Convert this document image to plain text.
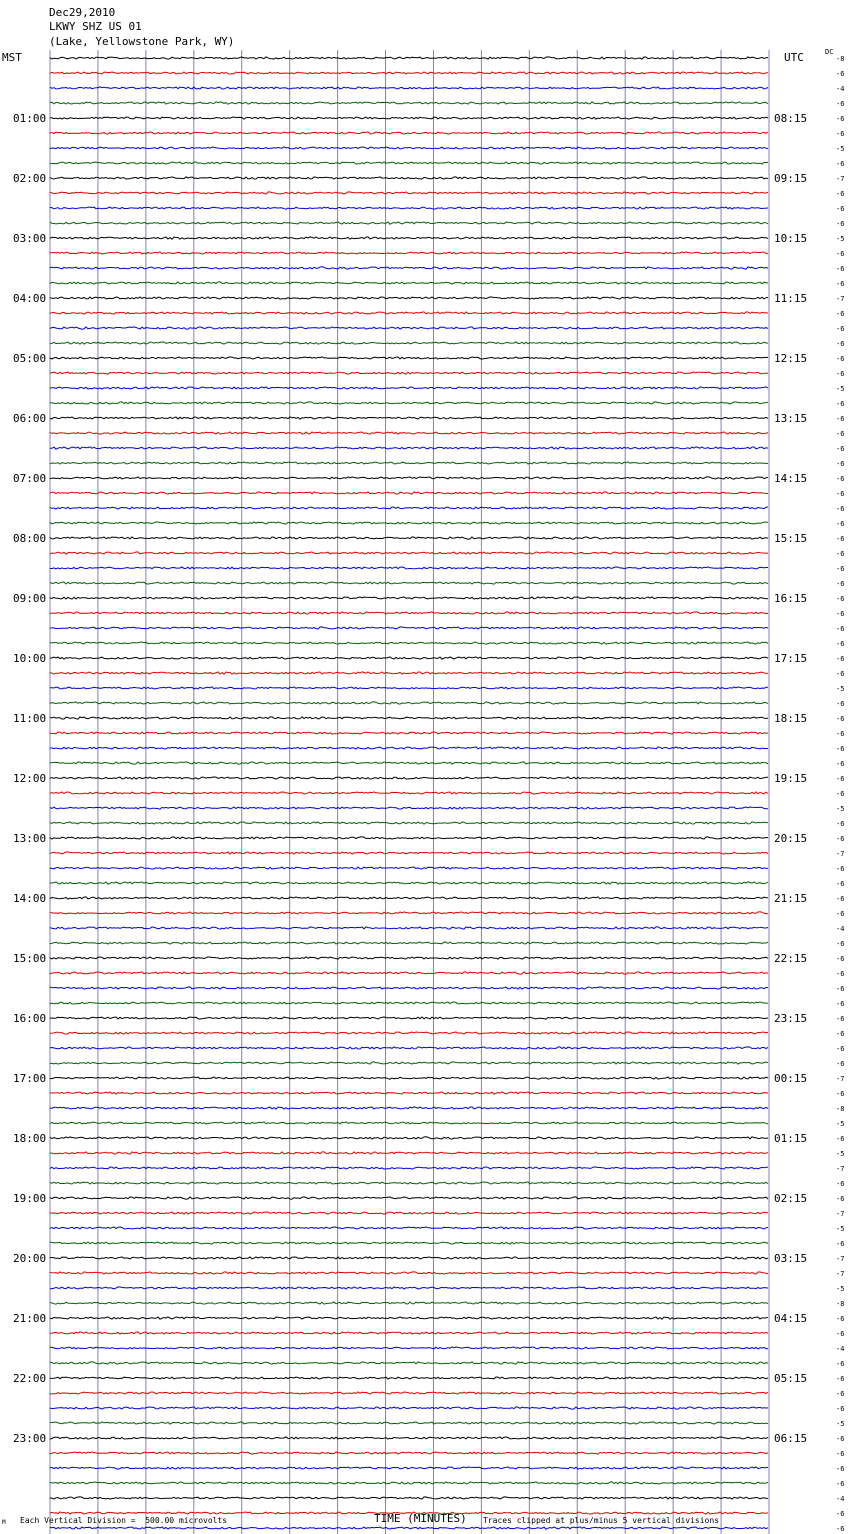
Dec29,2010
LKWY SHZ US 01
(Lake, Yellowstone Park, WY)
MST	UTC	DC
-8
-6
-4
-6
-6
-6
-5
-6
-7
-6
-6
-6
-5
-6
-6
-6
-7
-6
-6
-6
-6
-6
-5
-6
-6
-6
-6
-6
-6
-6
-6
-6
-6
-6
-6
-6
-6
-6
-6
-6
-6
-6
-5
-6
-6
-6
-6
-6
-6
-6
-5
-6
-6
-7
-6
-6
-6
-6
-4
-6
-6
-6
-6
-6
-6
-6
-6
-6
-7
-6
-8
-5
-6
-5
-7
-6
-6
-7
-5
-6
-7
-7
-5
-8
-6
-6
-4
-6
-6
-6
-6
-5
-6
-6
-6
-6
-4
-6
-6
01:00
02:00
03:00
04:00
05:00
06:00
07:00
08:00
09:00
10:00
11:00
12:00
13:00
14:00
15:00
16:00
17:00
18:00
19:00
20:00
21:00
22:00
23:00
08:15
09:15
10:15
11:15
12:15
13:15
14:15
15:15
16:15
17:15
18:15
19:15
20:15
21:15
22:15
23:15
00:15
01:15
02:15
03:15
04:15
05:15
06:15
TIME (MINUTES)
Each Vertical Division =  500.00 microvolts	Traces clipped at plus/minus 5 vertical divisions
M
